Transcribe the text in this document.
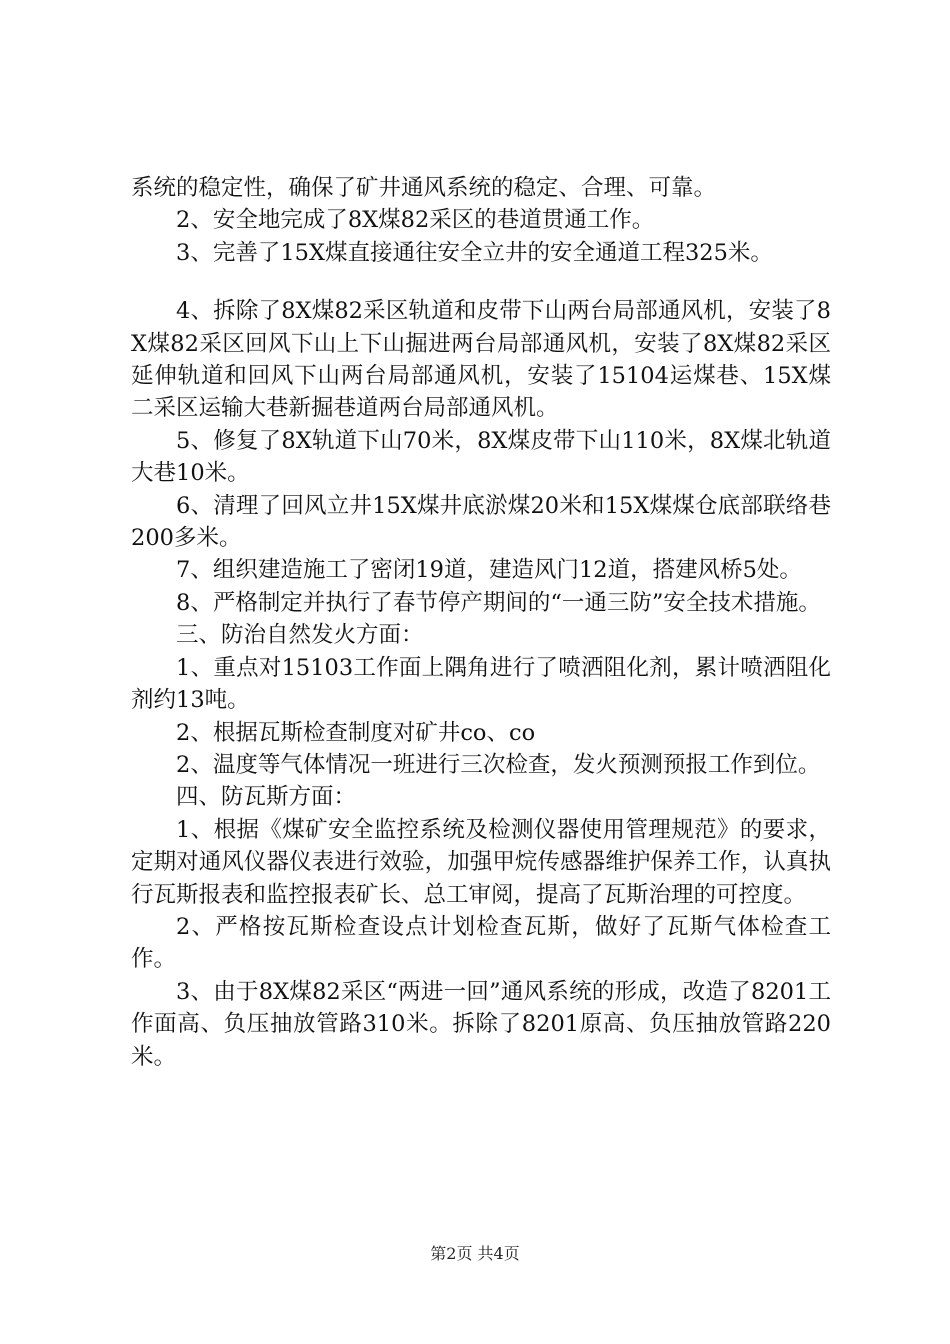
系统的稳定性，确保了矿井通风系统的稳定、合理、可靠。

2、安全地完成了8X煤82采区的巷道贯通工作。

3、完善了15X煤直接通往安全立井的安全通道工程325米。

4、拆除了8X煤82采区轨道和皮带下山两台局部通风机，安装了8X煤82采区回风下山上下山掘进两台局部通风机，安装了8X煤82采区延伸轨道和回风下山两台局部通风机，安装了15104运煤巷、15X煤二采区运输大巷新掘巷道两台局部通风机。

5、修复了8X轨道下山70米，8X煤皮带下山110米，8X煤北轨道大巷10米。

6、清理了回风立井15X煤井底淤煤20米和15X煤煤仓底部联络巷200多米。

7、组织建造施工了密闭19道，建造风门12道，搭建风桥5处。

8、严格制定并执行了春节停产期间的“一通三防”安全技术措施。

三、防治自然发火方面：

1、重点对15103工作面上隅角进行了喷洒阻化剂，累计喷洒阻化剂约13吨。

2、根据瓦斯检查制度对矿井co、co

2、温度等气体情况一班进行三次检查，发火预测预报工作到位。

四、防瓦斯方面：

1、根据《煤矿安全监控系统及检测仪器使用管理规范》的要求，定期对通风仪器仪表进行效验，加强甲烷传感器维护保养工作，认真执行瓦斯报表和监控报表矿长、总工审阅，提高了瓦斯治理的可控度。

2、严格按瓦斯检查设点计划检查瓦斯，做好了瓦斯气体检查工作。

3、由于8X煤82采区“两进一回”通风系统的形成，改造了8201工作面高、负压抽放管路310米。拆除了8201原高、负压抽放管路220米。

第2页 共4页
